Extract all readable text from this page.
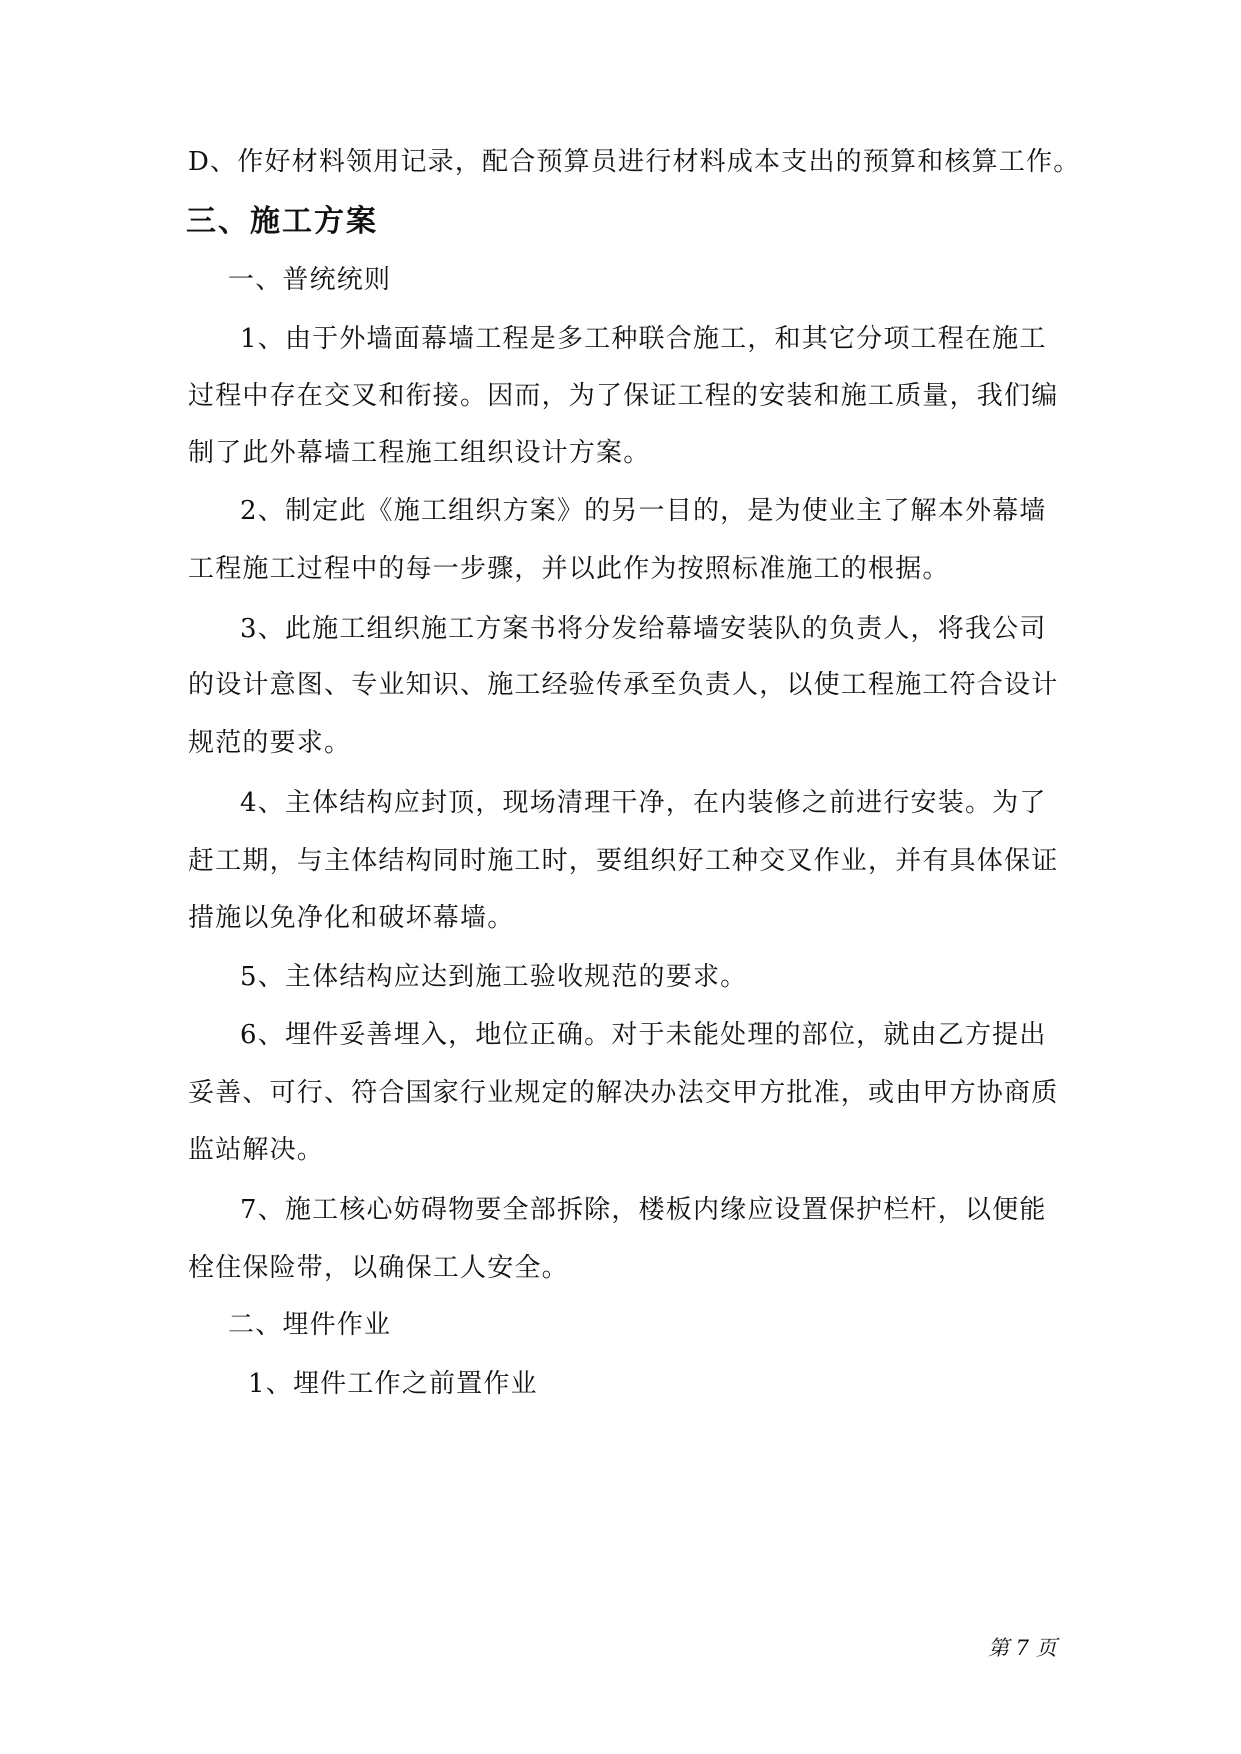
D、作好材料领用记录，配合预算员进行材料成本支出的预算和核算工作。
三、施工方案
一、普统统则
1、由于外墙面幕墙工程是多工种联合施工，和其它分项工程在施工
过程中存在交叉和衔接。因而，为了保证工程的安装和施工质量，我们编
制了此外幕墙工程施工组织设计方案。
2、制定此《施工组织方案》的另一目的，是为使业主了解本外幕墙
工程施工过程中的每一步骤，并以此作为按照标准施工的根据。
3、此施工组织施工方案书将分发给幕墙安装队的负责人，将我公司
的设计意图、专业知识、施工经验传承至负责人，以使工程施工符合设计
规范的要求。
4、主体结构应封顶，现场清理干净，在内装修之前进行安装。为了
赶工期，与主体结构同时施工时，要组织好工种交叉作业，并有具体保证
措施以免净化和破坏幕墙。
5、主体结构应达到施工验收规范的要求。
6、埋件妥善埋入，地位正确。对于未能处理的部位，就由乙方提出
妥善、可行、符合国家行业规定的解决办法交甲方批准，或由甲方协商质
监站解决。
7、施工核心妨碍物要全部拆除，楼板内缘应设置保护栏杆，以便能
栓住保险带，以确保工人安全。
二、埋件作业
1、埋件工作之前置作业
第 7 页
